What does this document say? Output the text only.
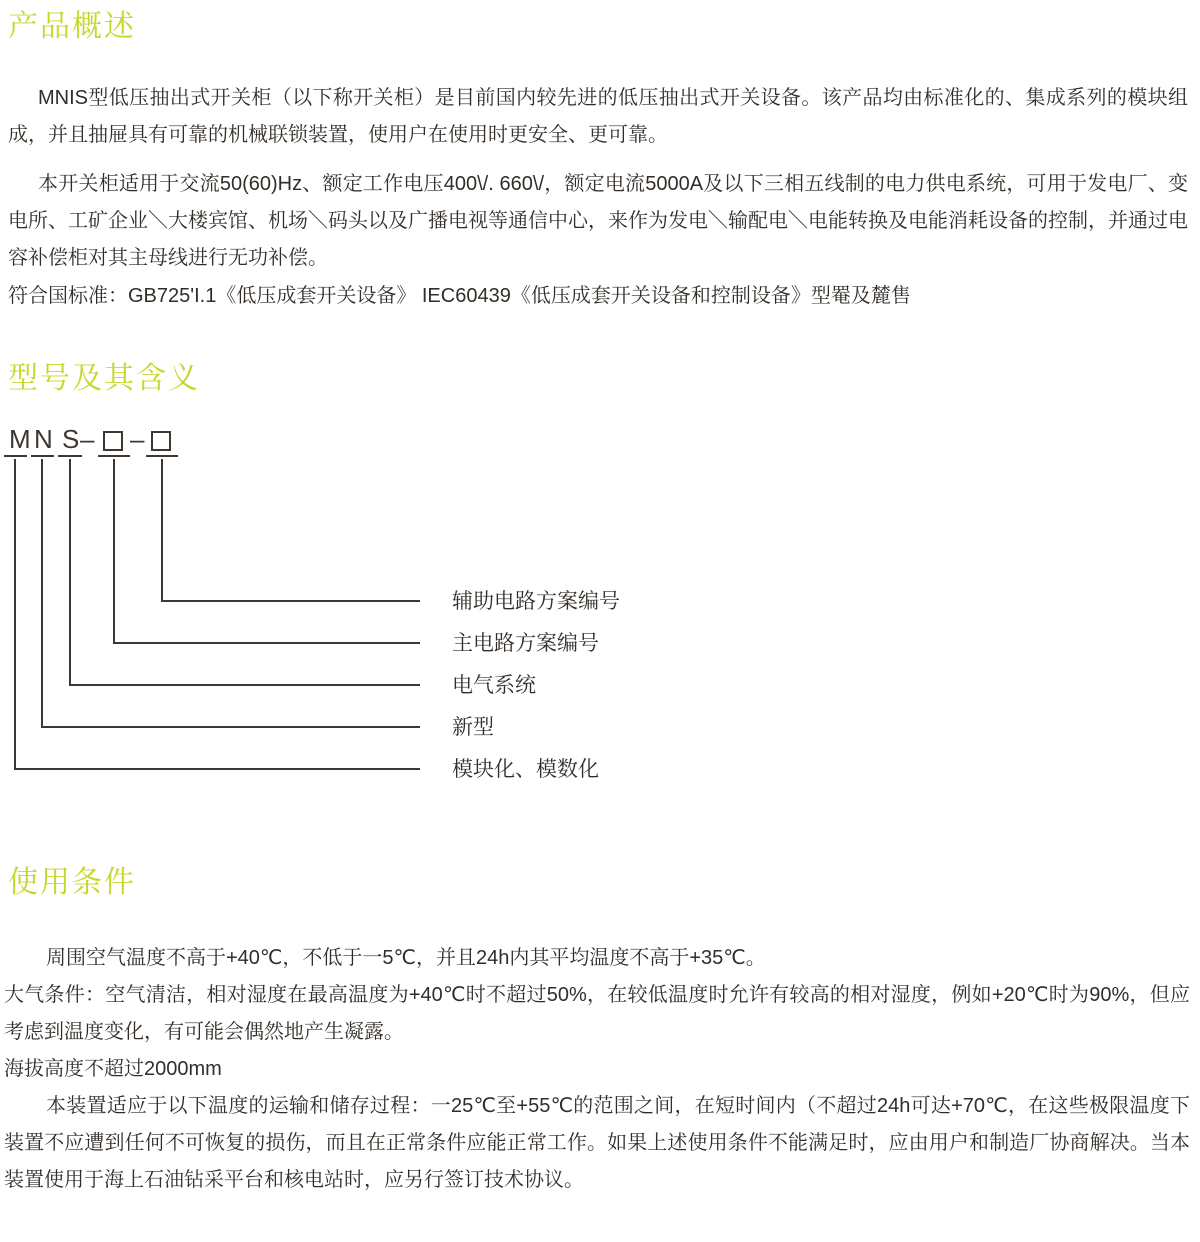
产品概述

MNIS型低压抽出式开关柜（以下称开关柜）是目前国内较先进的低压抽出式开关设备。该产品均由标准化的、集成系列的模块组成，并且抽屉具有可靠的机械联锁装置，使用户在使用时更安全、更可靠。

本开关柜适用于交流50(60)Hz、额定工作电压400\/. 660\/，额定电流5000A及以下三相五线制的电力供电系统，可用于发电厂、变电所、工矿企业＼大楼宾馆、机场＼码头以及广播电视等通信中心，来作为发电＼输配电＼电能转换及电能消耗设备的控制，并通过电容补偿柜对其主母线进行无功补偿。

符合国标准：GB725'I.1《低压成套开关设备》 IEC60439《低压成套开关设备和控制设备》型罨及麓售

型号及其含义
M N S – –
辅助电路方案编号
主电路方案编号
电气系统
新型
模块化、模数化
使用条件

周围空气温度不高于+40℃，不低于一5℃，并且24h内其平均温度不高于+35℃。

大气条件：空气清洁，相对湿度在最高温度为+40℃时不超过50%，在较低温度时允许有较高的相对湿度，例如+20℃时为90%，但应考虑到温度变化，有可能会偶然地产生凝露。

海拔高度不超过2000mm

本装置适应于以下温度的运输和储存过程：一25℃至+55℃的范围之间，在短时间内（不超过24h可达+70℃，在这些极限温度下装置不应遭到任何不可恢复的损伤，而且在正常条件应能正常工作。如果上述使用条件不能满足时，应由用户和制造厂协商解决。当本装置使用于海上石油钻采平台和核电站时，应另行签订技术协议。
